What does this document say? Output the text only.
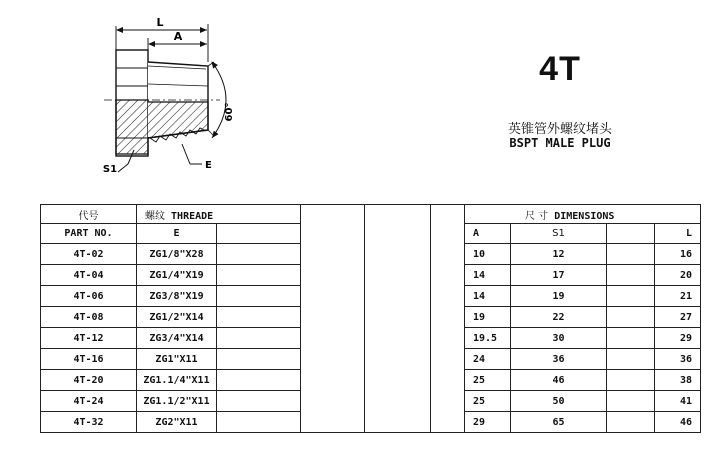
L
A
60°
S1	E
4T
英锥管外螺纹堵头
BSPT MALE PLUG
代号	螺纹 THREADE					尺 寸 DIMENSIONS			
PART NO.	E					A	S1		L
4T-02	ZG1/8"X28					10	12		16
4T-04	ZG1/4"X19					14	17		20
4T-06	ZG3/8"X19					14	19		21
4T-08	ZG1/2"X14					19	22		27
4T-12	ZG3/4"X14					19.5	30		29
4T-16	ZG1"X11					24	36		36
4T-20	ZG1.1/4"X11					25	46		38
4T-24	ZG1.1/2"X11					25	50		41
4T-32	ZG2"X11					29	65		46
